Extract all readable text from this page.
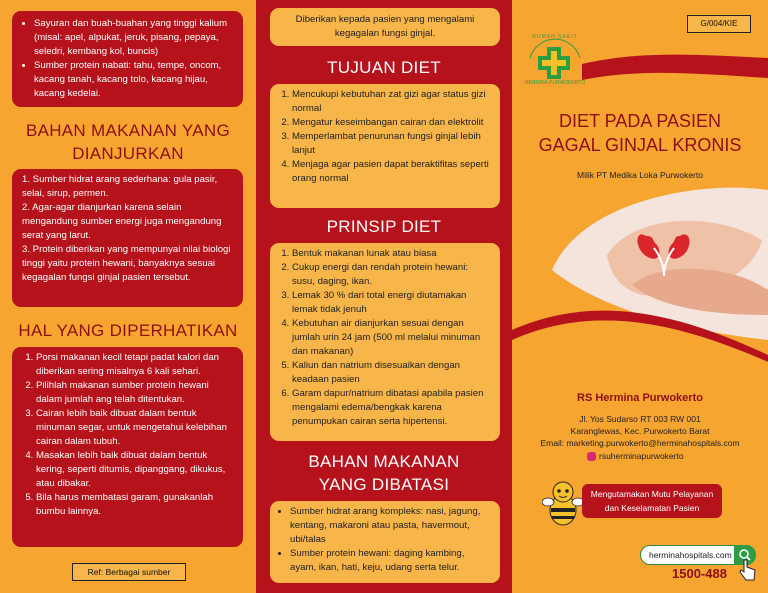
• Sayuran dan buah-buahan yang tinggi kalium (misal: apel, alpukat, jeruk, pisang, pepaya, seledri, kembang kol, buncis)
• Sumber protein nabati: tahu, tempe, oncom, kacang tanah, kacang tolo, kacang hijau, kacang kedelai.
BAHAN MAKANAN YANG
DIANJURKAN
1. Sumber hidrat arang sederhana: gula pasir, selai, sirup, permen.
2. Agar-agar dianjurkan karena selain mengandung sumber energi juga mengandung serat yang larut.
3. Protein diberikan yang mempunyai nilai biologi tinggi yaitu protein hewani, banyaknya sesuai kegagalan fungsi ginjal pasien tersebut.
HAL YANG DIPERHATIKAN
1. Porsi makanan kecil tetapi padat kalori dan diberikan sering misalnya 6 kali sehari.
2. Pilihlah makanan sumber protein hewani dalam jumlah ang telah ditentukan.
3. Cairan lebih baik dibuat dalam bentuk minuman segar, untuk mengetahui kelebihan cairan dalam tubuh.
4. Masakan lebih baik dibuat dalam bentuk kering, seperti ditumis, dipanggang, dikukus, atau dibakar.
5. Bila harus membatasi garam, gunakanlah bumbu lainnya.
Ref: Berbagai sumber
Diberikan kepada pasien yang mengalami kegagalan fungsi ginjal.
TUJUAN DIET
1. Mencukupi kebutuhan zat gizi agar status gizi normal
2. Mengatur keseimbangan cairan dan elektrolit
3. Memperlambat penurunan fungsi ginjal lebih lanjut
4. Menjaga agar pasien dapat beraktifitas seperti orang normal
PRINSIP DIET
1. Bentuk makanan lunak atau biasa
2. Cukup energi dan rendah protein hewani: susu, daging, ikan.
3. Lemak 30 % dari total energi diutamakan lemak tidak jenuh
4. Kebutuhan air dianjurkan sesuai dengan jumlah urin 24 jam (500 ml melalui minuman dan makanan)
5. Kaliun dan natrium disesuaikan dengan keadaan pasien
6. Garam dapur/natrium dibatasi apabila pasien mengalami edema/bengkak karena penumpukan cairan serta hipertensi.
BAHAN MAKANAN
YANG DIBATASI
• Sumber hidrat arang kompleks: nasi, jagung, kentang, makaroni atau pasta, havermout, ubi/talas
• Sumber protein hewani: daging kambing, ayam, ikan, hati, keju, udang serta telur.
G/004/KIE
RUMAH SAKIT
HERMINA PURWOKERTO
DIET PADA PASIEN
GAGAL GINJAL KRONIS
Milik PT Medika Loka Purwokerto
RS Hermina Purwokerto
Jl. Yos Sudarso RT 003 RW 001
Karanglewas, Kec. Purwokerto Barat
Email: marketing.purwokerto@herminahospitals.com
rsuherminapurwokerto
Mengutamakan Mutu Pelayanan
dan Keselamatan Pasien
herminahospitals.com
1500-488
